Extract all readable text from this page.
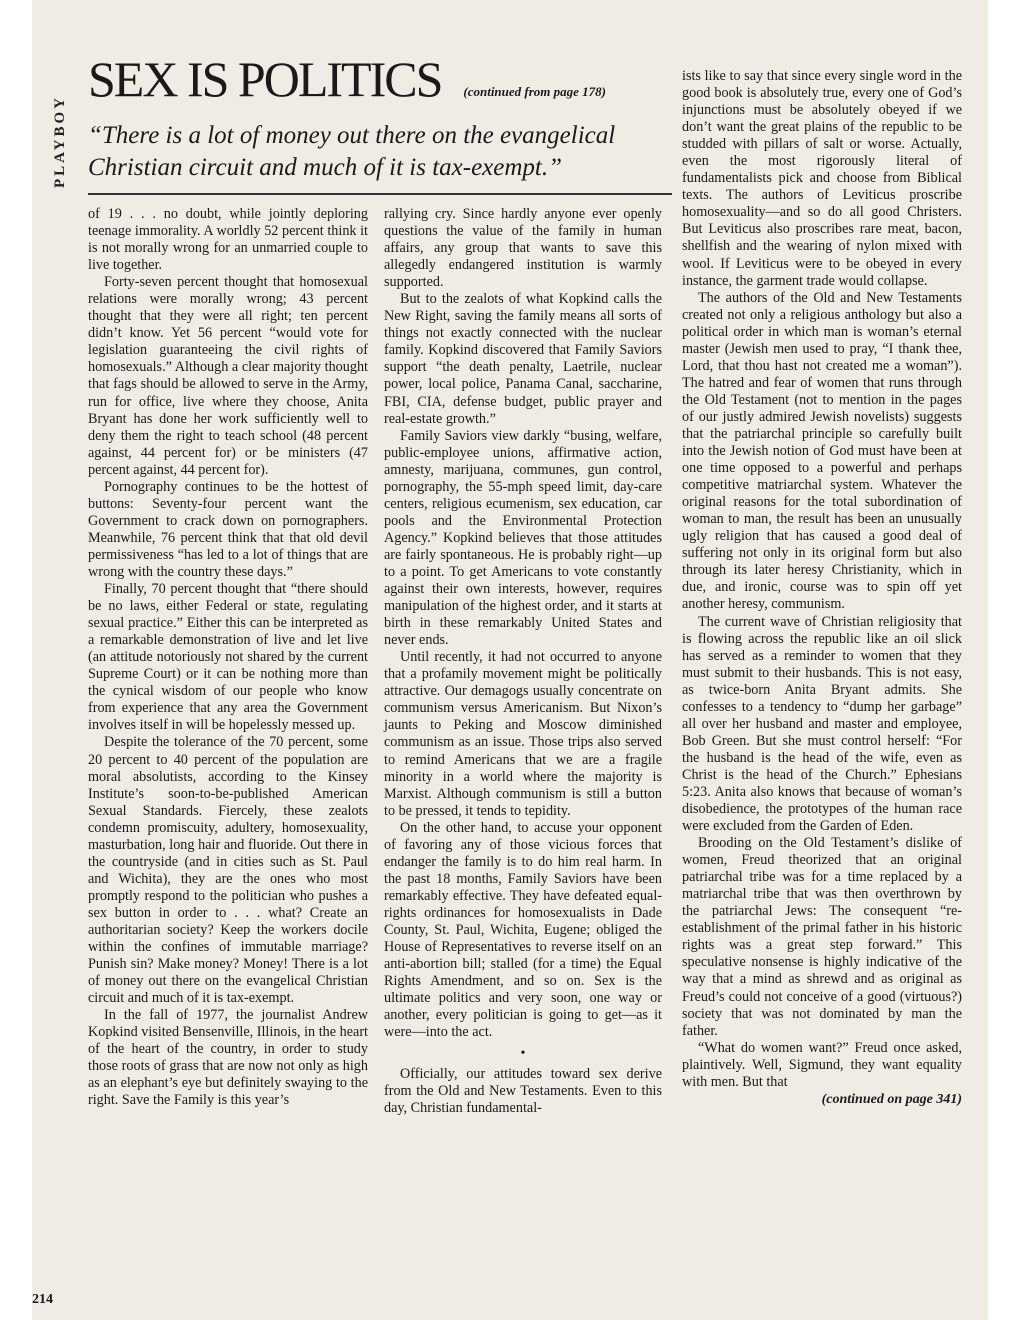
PLAYBOY
214
SEX IS POLITICS (continued from page 178)
“There is a lot of money out there on the evangelical Christian circuit and much of it is tax-exempt.”

of 19 . . . no doubt, while jointly deploring teenage immorality. A worldly 52 percent think it is not morally wrong for an unmarried couple to live together.

Forty-seven percent thought that homosexual relations were morally wrong; 43 percent thought that they were all right; ten percent didn’t know. Yet 56 percent “would vote for legislation guaranteeing the civil rights of homosexuals.” Although a clear majority thought that fags should be allowed to serve in the Army, run for office, live where they choose, Anita Bryant has done her work sufficiently well to deny them the right to teach school (48 percent against, 44 percent for) or be ministers (47 percent against, 44 percent for).

Pornography continues to be the hottest of buttons: Seventy-four percent want the Government to crack down on pornographers. Meanwhile, 76 percent think that that old devil permissiveness “has led to a lot of things that are wrong with the country these days.”

Finally, 70 percent thought that “there should be no laws, either Federal or state, regulating sexual practice.” Either this can be interpreted as a remarkable demonstration of live and let live (an attitude notoriously not shared by the current Supreme Court) or it can be nothing more than the cynical wisdom of our people who know from experience that any area the Government involves itself in will be hopelessly messed up.

Despite the tolerance of the 70 percent, some 20 percent to 40 percent of the population are moral absolutists, according to the Kinsey Institute’s soon-to-be-published American Sexual Standards. Fiercely, these zealots condemn promiscuity, adultery, homosexuality, masturbation, long hair and fluoride. Out there in the countryside (and in cities such as St. Paul and Wichita), they are the ones who most promptly respond to the politician who pushes a sex button in order to . . . what? Create an authoritarian society? Keep the workers docile within the confines of immutable marriage? Punish sin? Make money? Money! There is a lot of money out there on the evangelical Christian circuit and much of it is tax-exempt.

In the fall of 1977, the journalist Andrew Kopkind visited Bensenville, Illinois, in the heart of the heart of the country, in order to study those roots of grass that are now not only as high as an elephant’s eye but definitely swaying to the right. Save the Family is this year’s

rallying cry. Since hardly anyone ever openly questions the value of the family in human affairs, any group that wants to save this allegedly endangered institution is warmly supported.

But to the zealots of what Kopkind calls the New Right, saving the family means all sorts of things not exactly connected with the nuclear family. Kopkind discovered that Family Saviors support “the death penalty, Laetrile, nuclear power, local police, Panama Canal, saccharine, FBI, CIA, defense budget, public prayer and real-estate growth.”

Family Saviors view darkly “busing, welfare, public-employee unions, affirmative action, amnesty, marijuana, communes, gun control, pornography, the 55-mph speed limit, day-care centers, religious ecumenism, sex education, car pools and the Environmental Protection Agency.” Kopkind believes that those attitudes are fairly spontaneous. He is probably right—up to a point. To get Americans to vote constantly against their own interests, however, requires manipulation of the highest order, and it starts at birth in these remarkably United States and never ends.

Until recently, it had not occurred to anyone that a profamily movement might be politically attractive. Our demagogs usually concentrate on communism versus Americanism. But Nixon’s jaunts to Peking and Moscow diminished communism as an issue. Those trips also served to remind Americans that we are a fragile minority in a world where the majority is Marxist. Although communism is still a button to be pressed, it tends to tepidity.

On the other hand, to accuse your opponent of favoring any of those vicious forces that endanger the family is to do him real harm. In the past 18 months, Family Saviors have been remarkably effective. They have defeated equal-rights ordinances for homosexualists in Dade County, St. Paul, Wichita, Eugene; obliged the House of Representatives to reverse itself on an anti-abortion bill; stalled (for a time) the Equal Rights Amendment, and so on. Sex is the ultimate politics and very soon, one way or another, every politician is going to get—as it were—into the act.

•

Officially, our attitudes toward sex derive from the Old and New Testaments. Even to this day, Christian fundamental-

ists like to say that since every single word in the good book is absolutely true, every one of God’s injunctions must be absolutely obeyed if we don’t want the great plains of the republic to be studded with pillars of salt or worse. Actually, even the most rigorously literal of fundamentalists pick and choose from Biblical texts. The authors of Leviticus proscribe homosexuality—and so do all good Christers. But Leviticus also proscribes rare meat, bacon, shellfish and the wearing of nylon mixed with wool. If Leviticus were to be obeyed in every instance, the garment trade would collapse.

The authors of the Old and New Testaments created not only a religious anthology but also a political order in which man is woman’s eternal master (Jewish men used to pray, “I thank thee, Lord, that thou hast not created me a woman”). The hatred and fear of women that runs through the Old Testament (not to mention in the pages of our justly admired Jewish novelists) suggests that the patriarchal principle so carefully built into the Jewish notion of God must have been at one time opposed to a powerful and perhaps competitive matriarchal system. Whatever the original reasons for the total subordination of woman to man, the result has been an unusually ugly religion that has caused a good deal of suffering not only in its original form but also through its later heresy Christianity, which in due, and ironic, course was to spin off yet another heresy, communism.

The current wave of Christian religiosity that is flowing across the republic like an oil slick has served as a reminder to women that they must submit to their husbands. This is not easy, as twice-born Anita Bryant admits. She confesses to a tendency to “dump her garbage” all over her husband and master and employee, Bob Green. But she must control herself: “For the husband is the head of the wife, even as Christ is the head of the Church.” Ephesians 5:23. Anita also knows that because of woman’s disobedience, the prototypes of the human race were excluded from the Garden of Eden.

Brooding on the Old Testament’s dislike of women, Freud theorized that an original patriarchal tribe was for a time replaced by a matriarchal tribe that was then overthrown by the patriarchal Jews: The consequent “re-establishment of the primal father in his historic rights was a great step forward.” This speculative nonsense is highly indicative of the way that a mind as shrewd and as original as Freud’s could not conceive of a good (virtuous?) society that was not dominated by man the father.

“What do women want?” Freud once asked, plaintively. Well, Sigmund, they want equality with men. But that

(continued on page 341)
